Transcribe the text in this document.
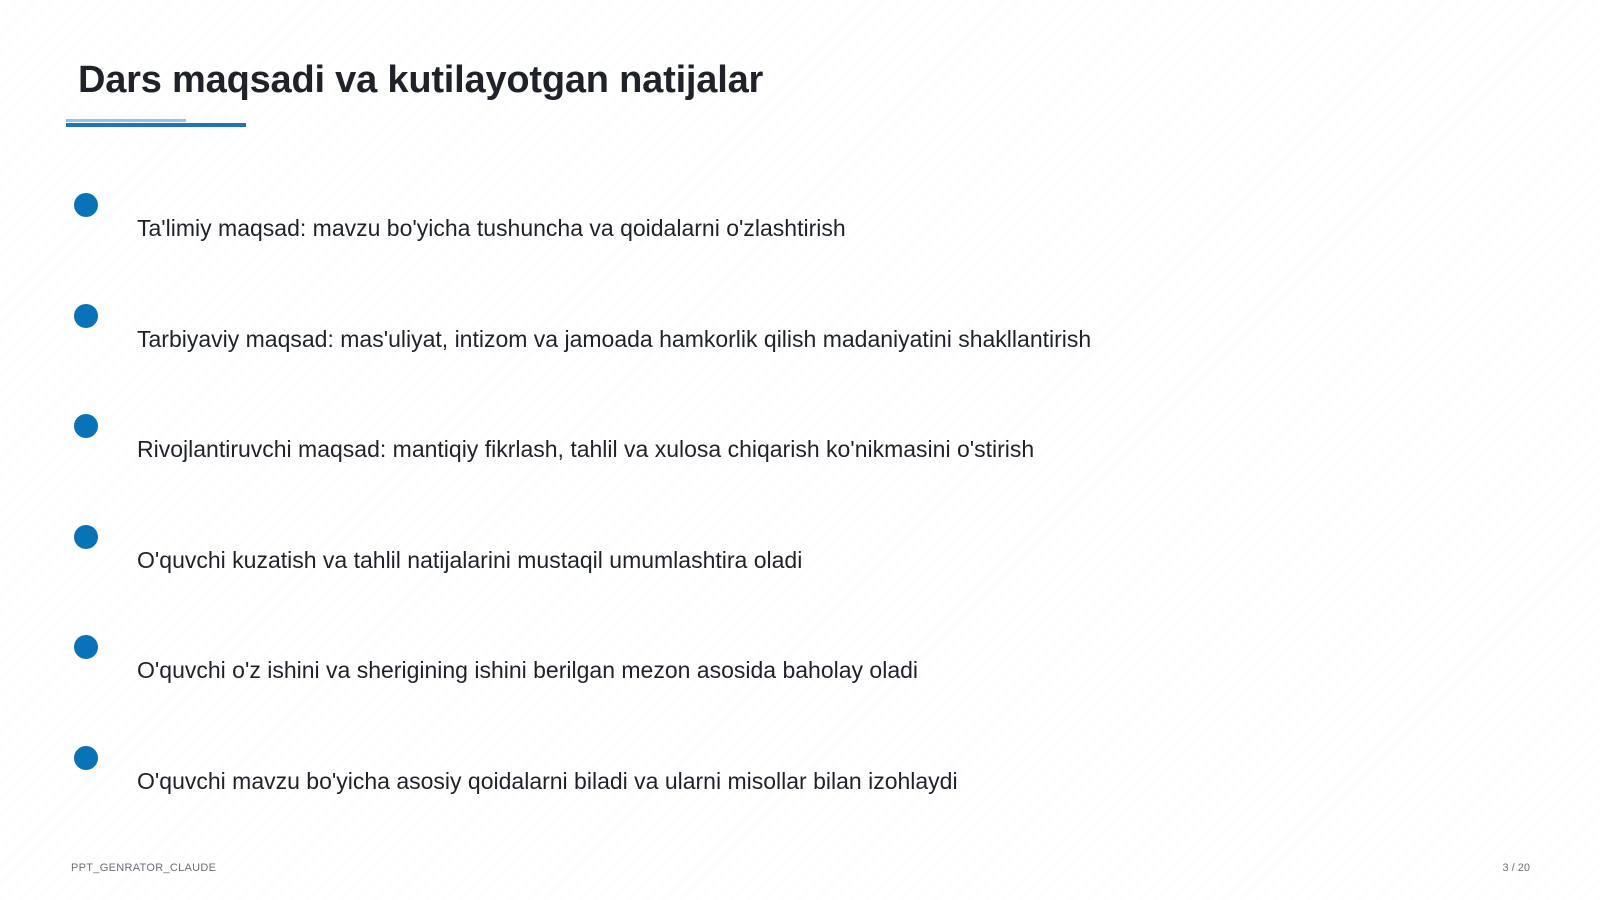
Dars maqsadi va kutilayotgan natijalar
Ta'limiy maqsad: mavzu bo'yicha tushuncha va qoidalarni o'zlashtirish
Tarbiyaviy maqsad: mas'uliyat, intizom va jamoada hamkorlik qilish madaniyatini shakllantirish
Rivojlantiruvchi maqsad: mantiqiy fikrlash, tahlil va xulosa chiqarish ko'nikmasini o'stirish
O'quvchi kuzatish va tahlil natijalarini mustaqil umumlashtira oladi
O'quvchi o'z ishini va sherigining ishini berilgan mezon asosida baholay oladi
O'quvchi mavzu bo'yicha asosiy qoidalarni biladi va ularni misollar bilan izohlaydi
PPT_GENRATOR_CLAUDE	3 / 20
